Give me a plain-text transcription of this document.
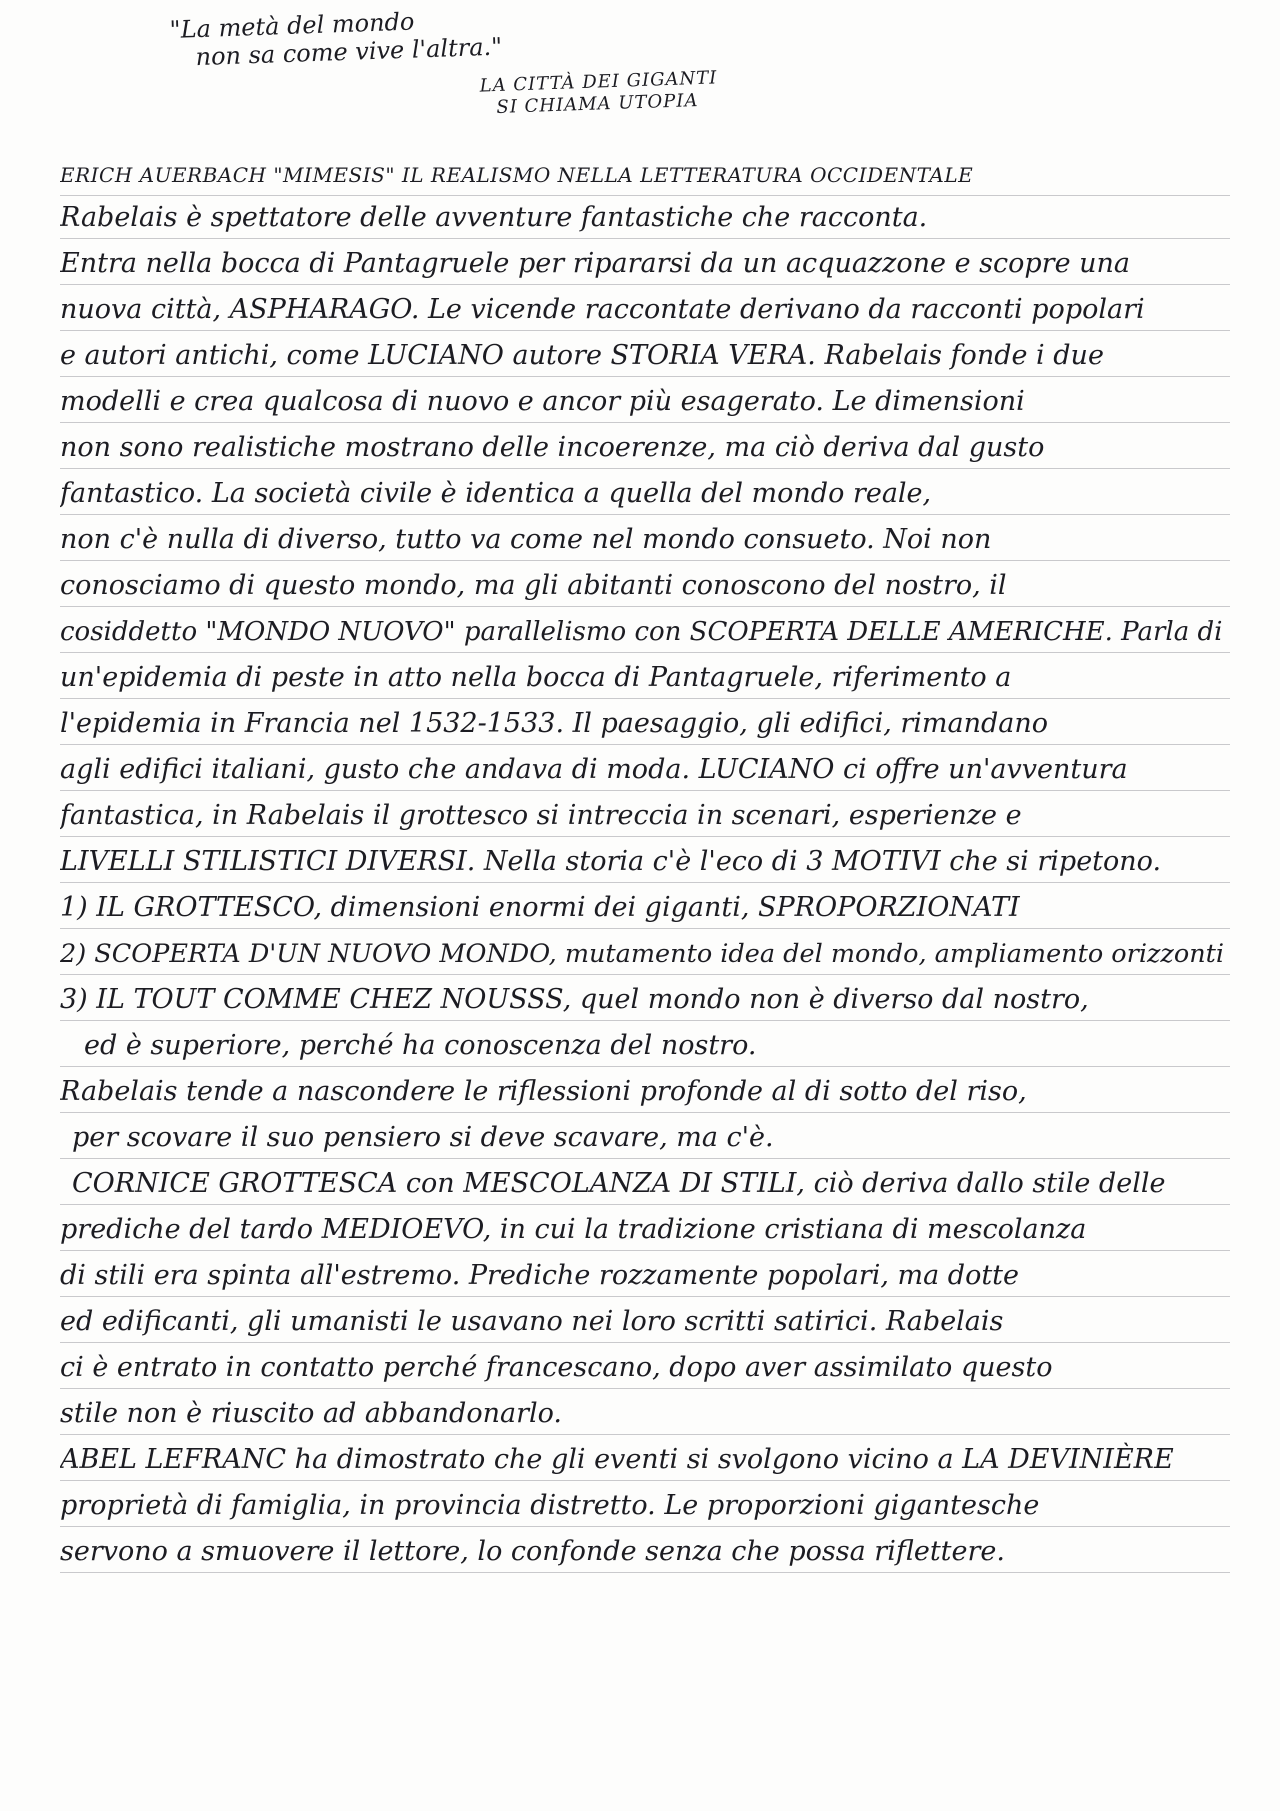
"La metà del mondo
non sa come vive l'altra."
LA CITTÀ DEI GIGANTI
SI CHIAMA UTOPIA
ERICH AUERBACH "MIMESIS" IL REALISMO NELLA LETTERATURA OCCIDENTALE
Rabelais è spettatore delle avventure fantastiche che racconta.
Entra nella bocca di Pantagruele per ripararsi da un acquazzone e scopre una
nuova città, ASPHARAGO. Le vicende raccontate derivano da racconti popolari
e autori antichi, come LUCIANO autore STORIA VERA. Rabelais fonde i due
modelli e crea qualcosa di nuovo e ancor più esagerato. Le dimensioni
non sono realistiche mostrano delle incoerenze, ma ciò deriva dal gusto
fantastico. La società civile è identica a quella del mondo reale,
non c'è nulla di diverso, tutto va come nel mondo consueto. Noi non
conosciamo di questo mondo, ma gli abitanti conoscono del nostro, il
cosiddetto "MONDO NUOVO" parallelismo con SCOPERTA DELLE AMERICHE. Parla di
un'epidemia di peste in atto nella bocca di Pantagruele, riferimento a
l'epidemia in Francia nel 1532-1533. Il paesaggio, gli edifici, rimandano
agli edifici italiani, gusto che andava di moda. LUCIANO ci offre un'avventura
fantastica, in Rabelais il grottesco si intreccia in scenari, esperienze e
LIVELLI STILISTICI DIVERSI. Nella storia c'è l'eco di 3 MOTIVI che si ripetono.
1) IL GROTTESCO, dimensioni enormi dei giganti, SPROPORZIONATI
2) SCOPERTA D'UN NUOVO MONDO, mutamento idea del mondo, ampliamento orizzonti
3) IL TOUT COMME CHEZ NOUSSS, quel mondo non è diverso dal nostro,
ed è superiore, perché ha conoscenza del nostro.
Rabelais tende a nascondere le riflessioni profonde al di sotto del riso,
per scovare il suo pensiero si deve scavare, ma c'è.
CORNICE GROTTESCA con MESCOLANZA DI STILI, ciò deriva dallo stile delle
prediche del tardo MEDIOEVO, in cui la tradizione cristiana di mescolanza
di stili era spinta all'estremo. Prediche rozzamente popolari, ma dotte
ed edificanti, gli umanisti le usavano nei loro scritti satirici. Rabelais
ci è entrato in contatto perché francescano, dopo aver assimilato questo
stile non è riuscito ad abbandonarlo.
ABEL LEFRANC ha dimostrato che gli eventi si svolgono vicino a LA DEVINIÈRE
proprietà di famiglia, in provincia distretto. Le proporzioni gigantesche
servono a smuovere il lettore, lo confonde senza che possa riflettere.
